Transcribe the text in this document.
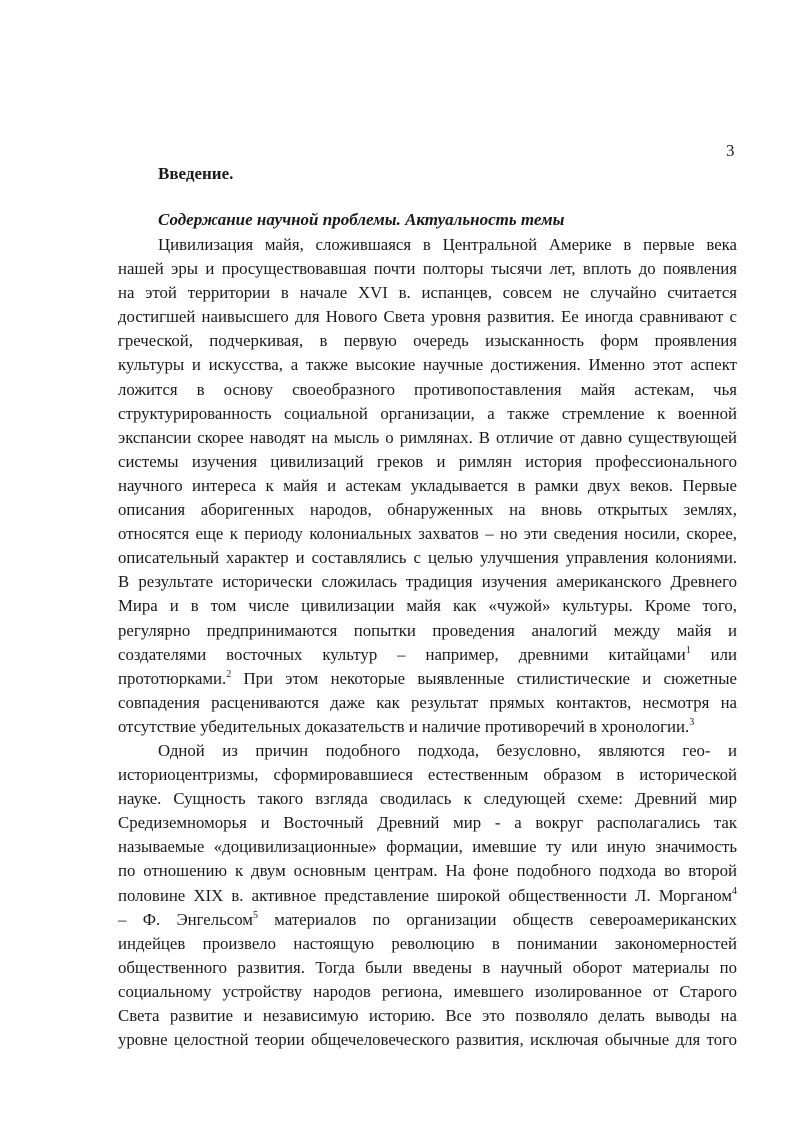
3
Введение.
Содержание научной проблемы. Актуальность темы
Цивилизация майя, сложившаяся в Центральной Америке в первые века
нашей эры и просуществовавшая почти полторы тысячи лет, вплоть до появления
на этой территории в начале XVI в. испанцев, совсем не случайно считается
достигшей наивысшего для Нового Света уровня развития. Ее иногда сравнивают с
греческой, подчеркивая, в первую очередь изысканность форм проявления
культуры и искусства, а также высокие научные достижения. Именно этот аспект
ложится в основу своеобразного противопоставления майя астекам, чья
структурированность социальной организации, а также стремление к военной
экспансии скорее наводят на мысль о римлянах. В отличие от давно существующей
системы изучения цивилизаций греков и римлян история профессионального
научного интереса к майя и астекам укладывается в рамки двух веков. Первые
описания аборигенных народов, обнаруженных на вновь открытых землях,
относятся еще к периоду колониальных захватов – но эти сведения носили, скорее,
описательный характер и составлялись с целью улучшения управления колониями.
В результате исторически сложилась традиция изучения американского Древнего
Мира и в том числе цивилизации майя как «чужой» культуры. Кроме того,
регулярно предпринимаются попытки проведения аналогий между майя и
создателями восточных культур – например, древними китайцами$^1$ или
прототюрками.$^2$ При этом некоторые выявленные стилистические и сюжетные
совпадения расцениваются даже как результат прямых контактов, несмотря на
отсутствие убедительных доказательств и наличие противоречий в хронологии.$^3$
Одной из причин подобного подхода, безусловно, являются гео- и
историоцентризмы, сформировавшиеся естественным образом в исторической
науке. Сущность такого взгляда сводилась к следующей схеме: Древний мир
Средиземноморья и Восточный Древний мир - а вокруг располагались так
называемые «доцивилизационные» формации, имевшие ту или иную значимость
по отношению к двум основным центрам. На фоне подобного подхода во второй
половине XIX в. активное представление широкой общественности Л. Морганом$^4$
– Ф. Энгельсом$^5$ материалов по организации обществ североамериканских
индейцев произвело настоящую революцию в понимании закономерностей
общественного развития. Тогда были введены в научный оборот материалы по
социальному устройству народов региона, имевшего изолированное от Старого
Света развитие и независимую историю. Все это позволяло делать выводы на
уровне целостной теории общечеловеческого развития, исключая обычные для того
